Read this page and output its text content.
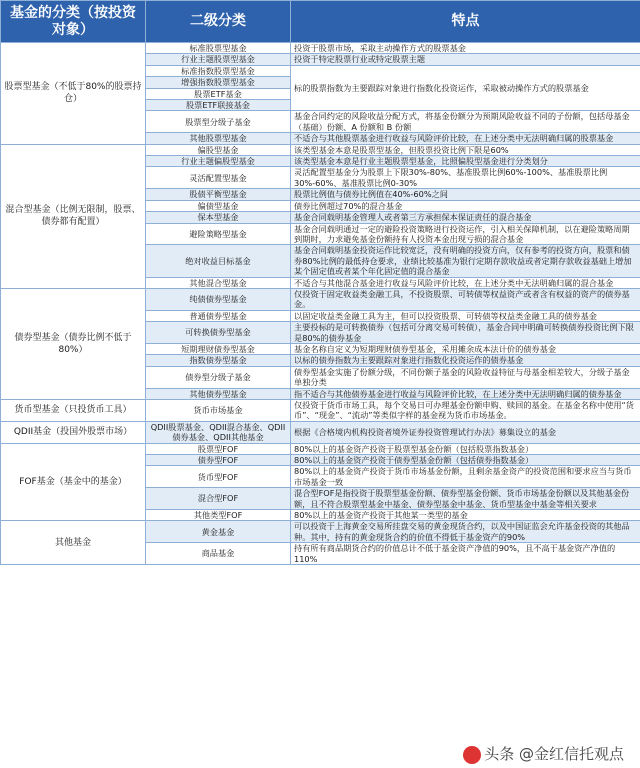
基金的分类（按投资对象）	二级分类	特点
股票型基金（不低于80%的股票持仓）	标准股票型基金	投资于股票市场，采取主动操作方式的股票基金
	行业主题股票型基金	投资于特定股票行业或特定股票主题
	标准指数股票型基金	标的股票指数为主要跟踪对象进行指数化投资运作，采取被动操作方式的股票基金
	增强指数股票型基金	
	股票ETF基金	
	股票ETF联接基金	
	股票型分级子基金	基金合同约定的风险收益分配方式，将基金份额分为预期风险收益不同的子份额，包括母基金（基础）份额、A 份额和 B 份额
	其他股票型基金	不适合与其他股票基金进行收益与风险评价比较，在上述分类中无法明确归属的股票基金
混合型基金（比例无限制，股票、债券都有配置）	偏股型基金	该类型基金本意是股票型基金，但股票投资比例下限是60%
	行业主题偏股型基金	该类型基金本意是行业主题股票型基金，比照偏股型基金进行分类划分
	灵活配置型基金	灵活配置型基金分为股票上下限30%-80%、基准股票比例60%-100%、基准股票比例30%-60%、基准股票比例0-30%
	股债平衡型基金	股票比例值与债券比例值在40%-60%之间
	偏债型基金	债券比例超过70%的混合基金
	保本型基金	基金合同载明基金管理人或者第三方承担保本保证责任的混合基金
	避险策略型基金	基金合同载明通过一定的避险投资策略进行投资运作，引入相关保障机制，以在避险策略周期到期时，力求避免基金份额持有人投资本金出现亏损的混合基金
	绝对收益目标基金	基金合同载明基金投资运作比较宽泛，没有明确的投资方向，仅有参考的投资方向，股票和债券80%比例的最低持仓要求，业绩比较基准为银行定期存款收益或者定期存款收益基础上增加某个固定值或者某个年化固定值的混合基金
	其他混合型基金	不适合与其他混合基金进行收益与风险评价比较，在上述分类中无法明确归属的混合基金
债券型基金（债券比例不低于80%）	纯债债券型基金	仅投资于固定收益类金融工具，不投资股票、可转债等权益资产或者含有权益的资产的债券基金。
	普通债券型基金	以固定收益类金融工具为主，但可以投资股票、可转债等权益类金融工具的债券基金
	可转换债券型基金	主要投标的是可转换债券（包括可分离交易可转债），基金合同中明确可转换债券投资比例下限是80%的债券基金
	短期理财债券型基金	基金名称自定义为短期理财债券型基金，采用摊余成本法计价的债券基金
	指数债券型基金	以标的债券指数为主要跟踪对象进行指数化投资运作的债券基金
	债券型分级子基金	债券型基金实施了份额分级，不同份额子基金的风险收益特征与母基金相差较大，分级子基金单独分类
	其他债券型基金	指不适合与其他债券基金进行收益与风险评价比较，在上述分类中无法明确归属的债券基金
货币型基金（只投货币工具）	货币市场基金	仅投资于货币市场工具，每个交易日可办理基金份额申购、赎回的基金。在基金名称中使用“货币”、“现金”、“流动”等类似字样的基金视为货币市场基金。
QDII基金（投国外股票市场）	QDII股票基金、QDII混合基金、QDII债券基金、QDII其他基金	根据《合格境内机构投资者境外证券投资管理试行办法》募集设立的基金
FOF基金（基金中的基金）	股票型FOF	80%以上的基金资产投资于股票型基金份额（包括股票指数基金）
	债券型FOF	80%以上的基金资产投资于债券型基金份额（包括债券指数基金）
	货币型FOF	80%以上的基金资产投资于货币市场基金份额，且剩余基金资产的投资范围和要求应当与货币市场基金一致
	混合型FOF	混合型FOF是指投资于股票型基金份额、债券型基金份额、货币市场基金份额以及其他基金份额，且不符合股票型基金中基金、债券型基金中基金、货币型基金中基金等相关要求
	其他类型FOF	80%以上的基金资产投资于其他某一类型的基金
其他基金	黄金基金	可以投资于上海黄金交易所挂盘交易的黄金现货合约，以及中国证监会允许基金投资的其他品种。其中，持有的黄金现货合约的价值不得低于基金资产的90%
	商品基金	持有所有商品期货合约的价值总计不低于基金资产净值的90%，且不高于基金资产净值的110%
头条 @金红信托观点
